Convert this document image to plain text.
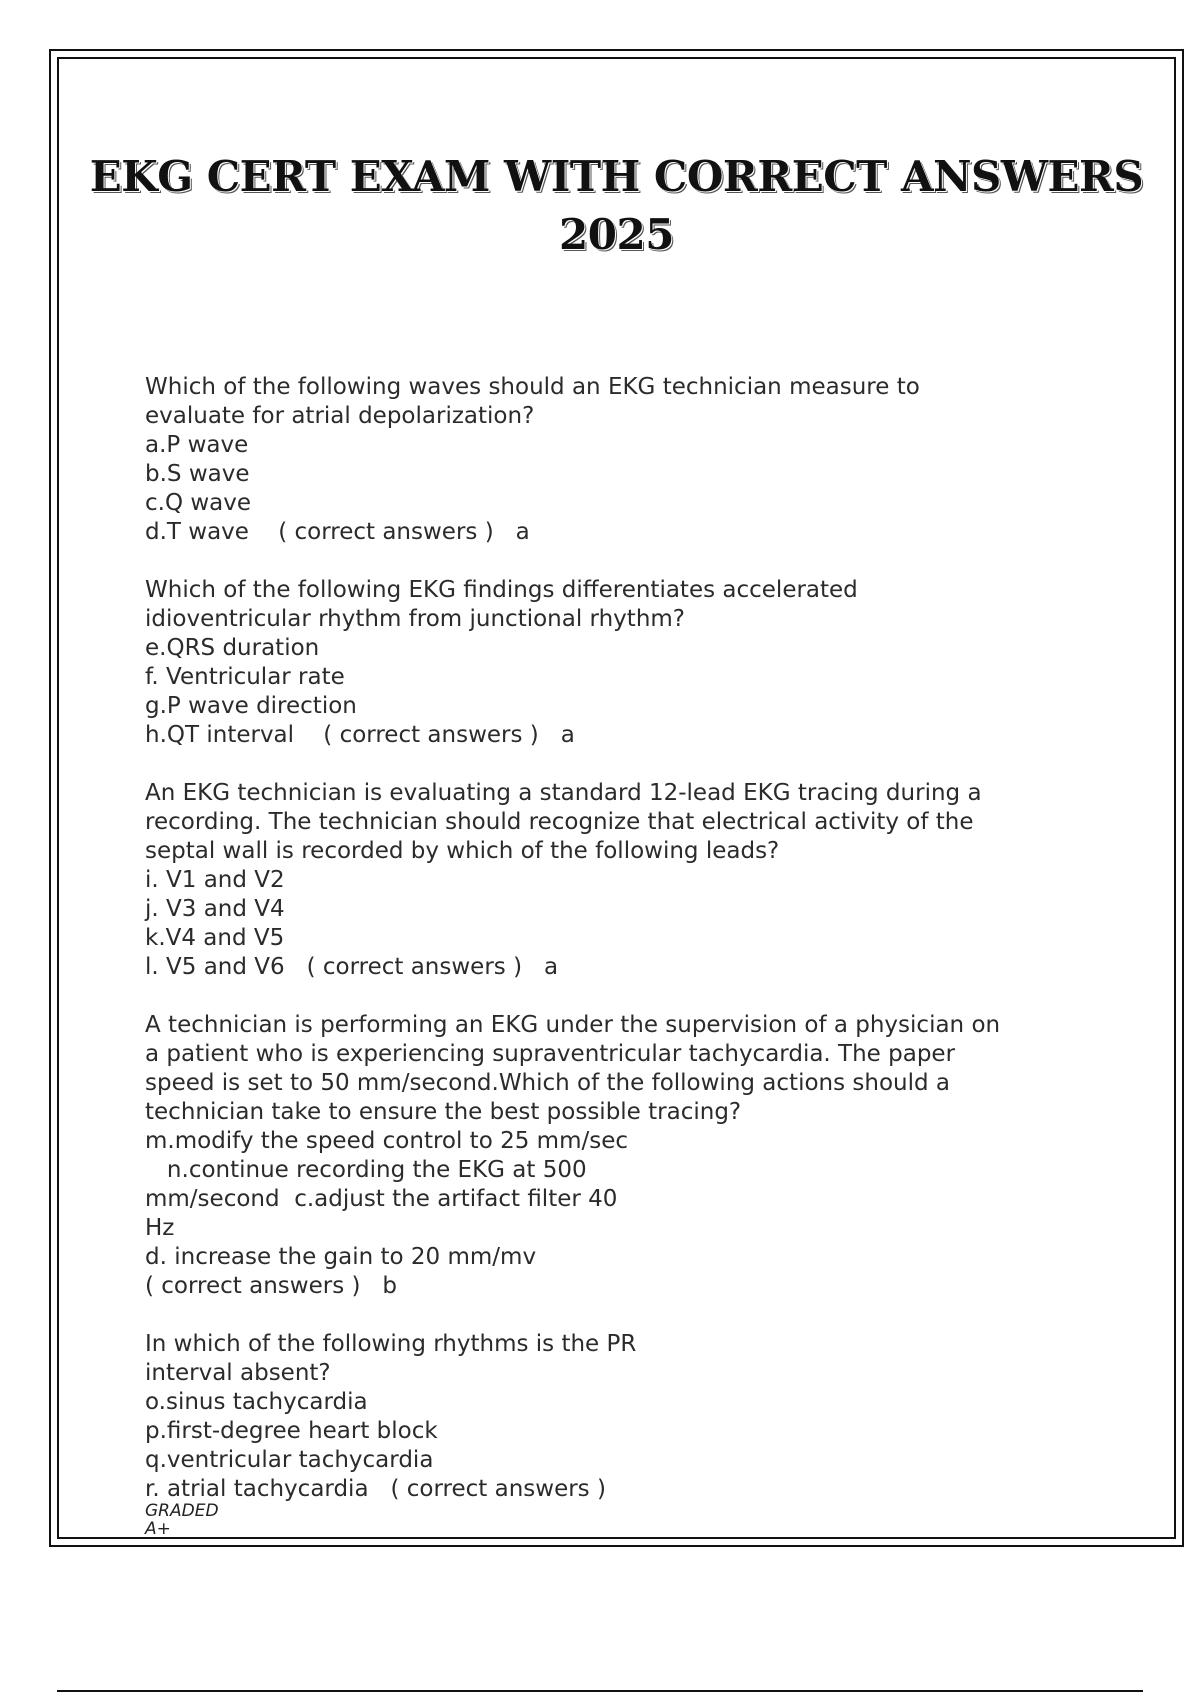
EKG CERT EXAM WITH CORRECT ANSWERS
2025

Which of the following waves should an EKG technician measure to

evaluate for atrial depolarization?

a.P wave

b.S wave

c.Q wave

d.T wave    ( correct answers )   a

Which of the following EKG findings differentiates accelerated

idioventricular rhythm from junctional rhythm?

e.QRS duration

f. Ventricular rate

g.P wave direction

h.QT interval    ( correct answers )   a

An EKG technician is evaluating a standard 12-lead EKG tracing during a

recording. The technician should recognize that electrical activity of the

septal wall is recorded by which of the following leads?

i. V1 and V2

j. V3 and V4

k.V4 and V5

l. V5 and V6   ( correct answers )   a

A technician is performing an EKG under the supervision of a physician on

a patient who is experiencing supraventricular tachycardia. The paper

speed is set to 50 mm/second.Which of the following actions should a

technician take to ensure the best possible tracing?

m.modify the speed control to 25 mm/sec

n.continue recording the EKG at 500

mm/second  c.adjust the artifact filter 40

Hz

d. increase the gain to 20 mm/mv

( correct answers )   b

In which of the following rhythms is the PR

interval absent?

o.sinus tachycardia

p.first-degree heart block

q.ventricular tachycardia

r. atrial tachycardia   ( correct answers )

GRADED
A+
